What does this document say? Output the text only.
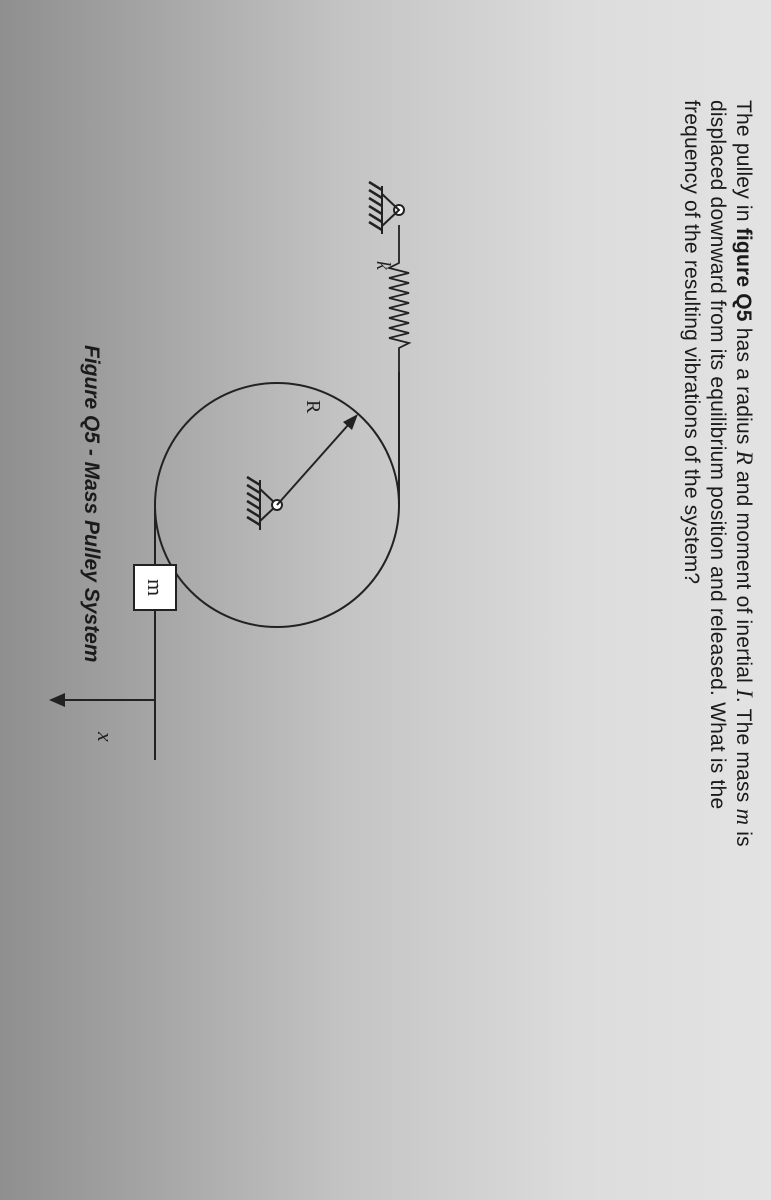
The pulley in figure Q5 has a radius R and moment of inertial I. The mass m is
displaced downward from its equilibrium position and released. What is the
frequency of the resulting vibrations of the system?
R
k
m
x
Figure Q5 - Mass Pulley System
